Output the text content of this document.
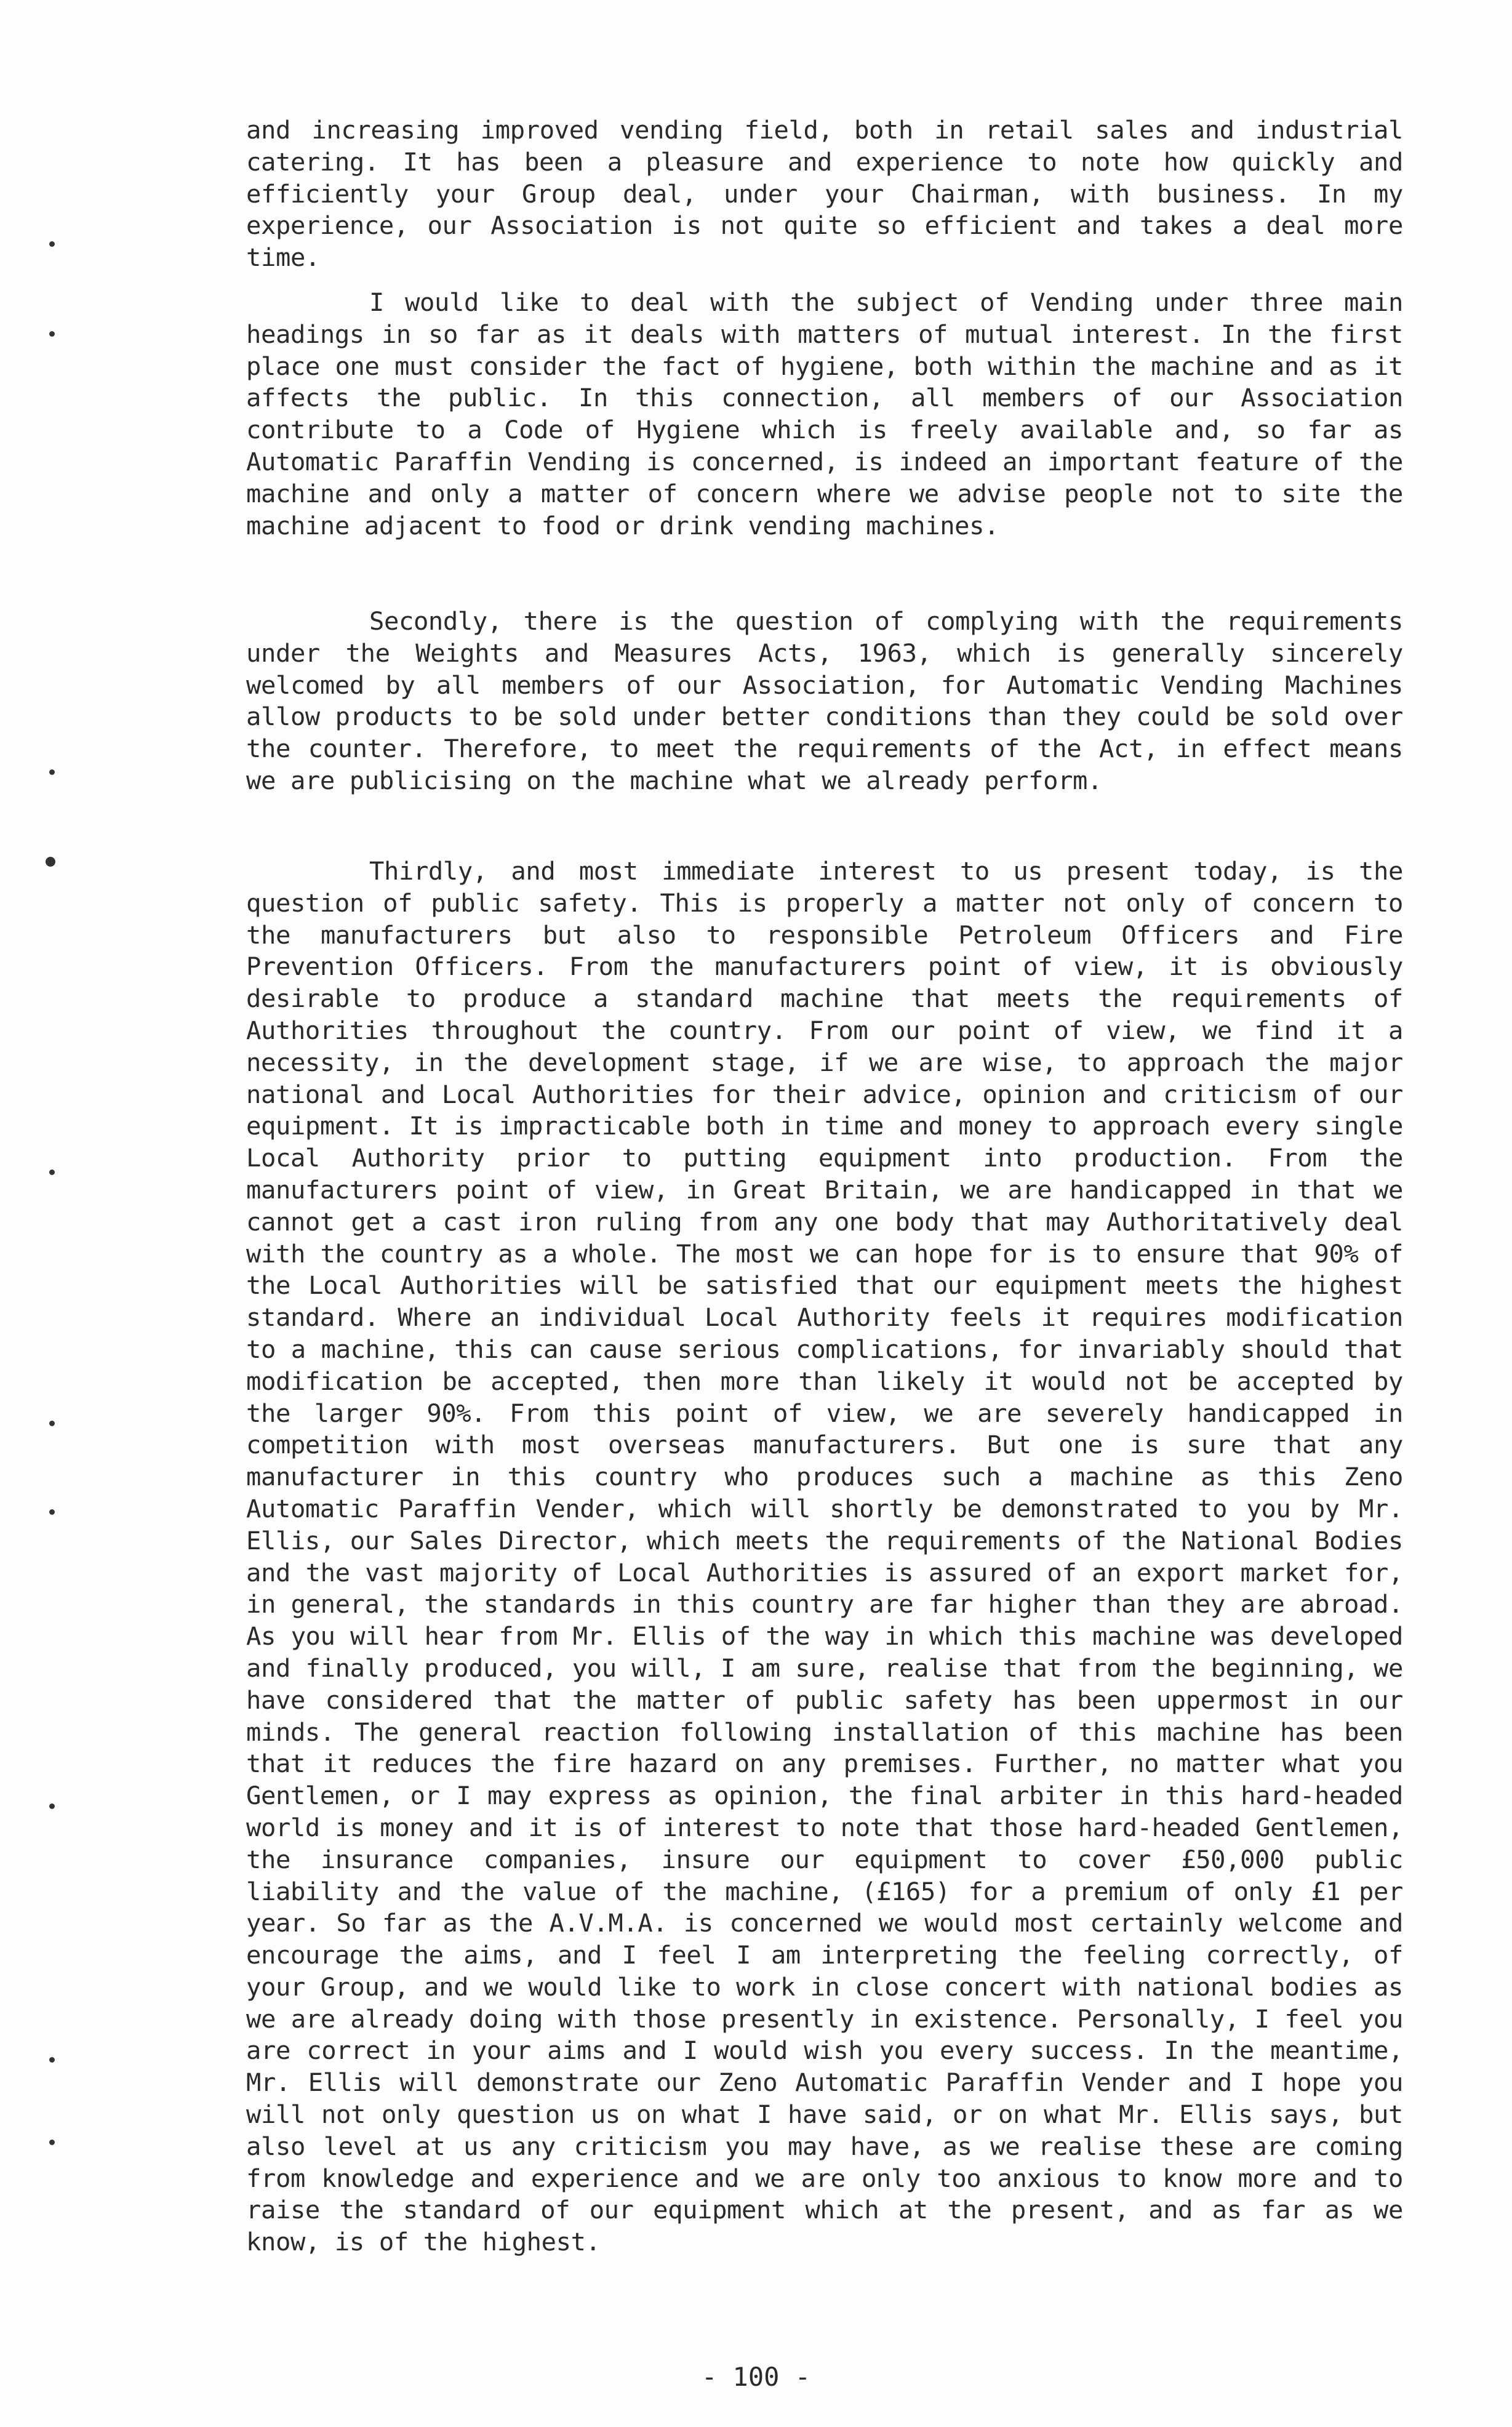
and increasing improved vending field, both in retail sales and industrial catering. It has been a pleasure and experience to note how quickly and efficiently your Group deal, under your Chairman, with business. In my experience, our Association is not quite so efficient and takes a deal more time.

I would like to deal with the subject of Vending under three main headings in so far as it deals with matters of mutual interest. In the first place one must consider the fact of hygiene, both within the machine and as it affects the public. In this connection, all members of our Association contribute to a Code of Hygiene which is freely available and, so far as Automatic Paraffin Vending is concerned, is indeed an important feature of the machine and only a matter of concern where we advise people not to site the machine adjacent to food or drink vending machines.

Secondly, there is the question of complying with the requirements under the Weights and Measures Acts, 1963, which is generally sincerely welcomed by all members of our Association, for Automatic Vending Machines allow products to be sold under better conditions than they could be sold over the counter. Therefore, to meet the requirements of the Act, in effect means we are publicising on the machine what we already perform.

Thirdly, and most immediate interest to us present today, is the question of public safety. This is properly a matter not only of concern to the manufacturers but also to responsible Petroleum Officers and Fire Prevention Officers. From the manufacturers point of view, it is obviously desirable to produce a standard machine that meets the requirements of Authorities throughout the country. From our point of view, we find it a necessity, in the development stage, if we are wise, to approach the major national and Local Authorities for their advice, opinion and criticism of our equipment. It is impracticable both in time and money to approach every single Local Authority prior to putting equipment into production. From the manufacturers point of view, in Great Britain, we are handicapped in that we cannot get a cast iron ruling from any one body that may Authoritatively deal with the country as a whole. The most we can hope for is to ensure that 90% of the Local Authorities will be satisfied that our equipment meets the highest standard. Where an individual Local Authority feels it requires modification to a machine, this can cause serious complications, for invariably should that modification be accepted, then more than likely it would not be accepted by the larger 90%. From this point of view, we are severely handicapped in competition with most overseas manufacturers. But one is sure that any manufacturer in this country who produces such a machine as this Zeno Automatic Paraffin Vender, which will shortly be demonstrated to you by Mr. Ellis, our Sales Director, which meets the requirements of the National Bodies and the vast majority of Local Authorities is assured of an export market for, in general, the standards in this country are far higher than they are abroad. As you will hear from Mr. Ellis of the way in which this machine was developed and finally produced, you will, I am sure, realise that from the beginning, we have considered that the matter of public safety has been uppermost in our minds. The general reaction following installation of this machine has been that it reduces the fire hazard on any premises. Further, no matter what you Gentlemen, or I may express as opinion, the final arbiter in this hard-headed world is money and it is of interest to note that those hard-headed Gentlemen, the insurance companies, insure our equipment to cover £50,000 public liability and the value of the machine, (£165) for a premium of only £1 per year. So far as the A.V.M.A. is concerned we would most certainly welcome and encourage the aims, and I feel I am interpreting the feeling correctly, of your Group, and we would like to work in close concert with national bodies as we are already doing with those presently in existence. Personally, I feel you are correct in your aims and I would wish you every success. In the meantime, Mr. Ellis will demonstrate our Zeno Automatic Paraffin Vender and I hope you will not only question us on what I have said, or on what Mr. Ellis says, but also level at us any criticism you may have, as we realise these are coming from knowledge and experience and we are only too anxious to know more and to raise the standard of our equipment which at the present, and as far as we know, is of the highest.

- 100 -
